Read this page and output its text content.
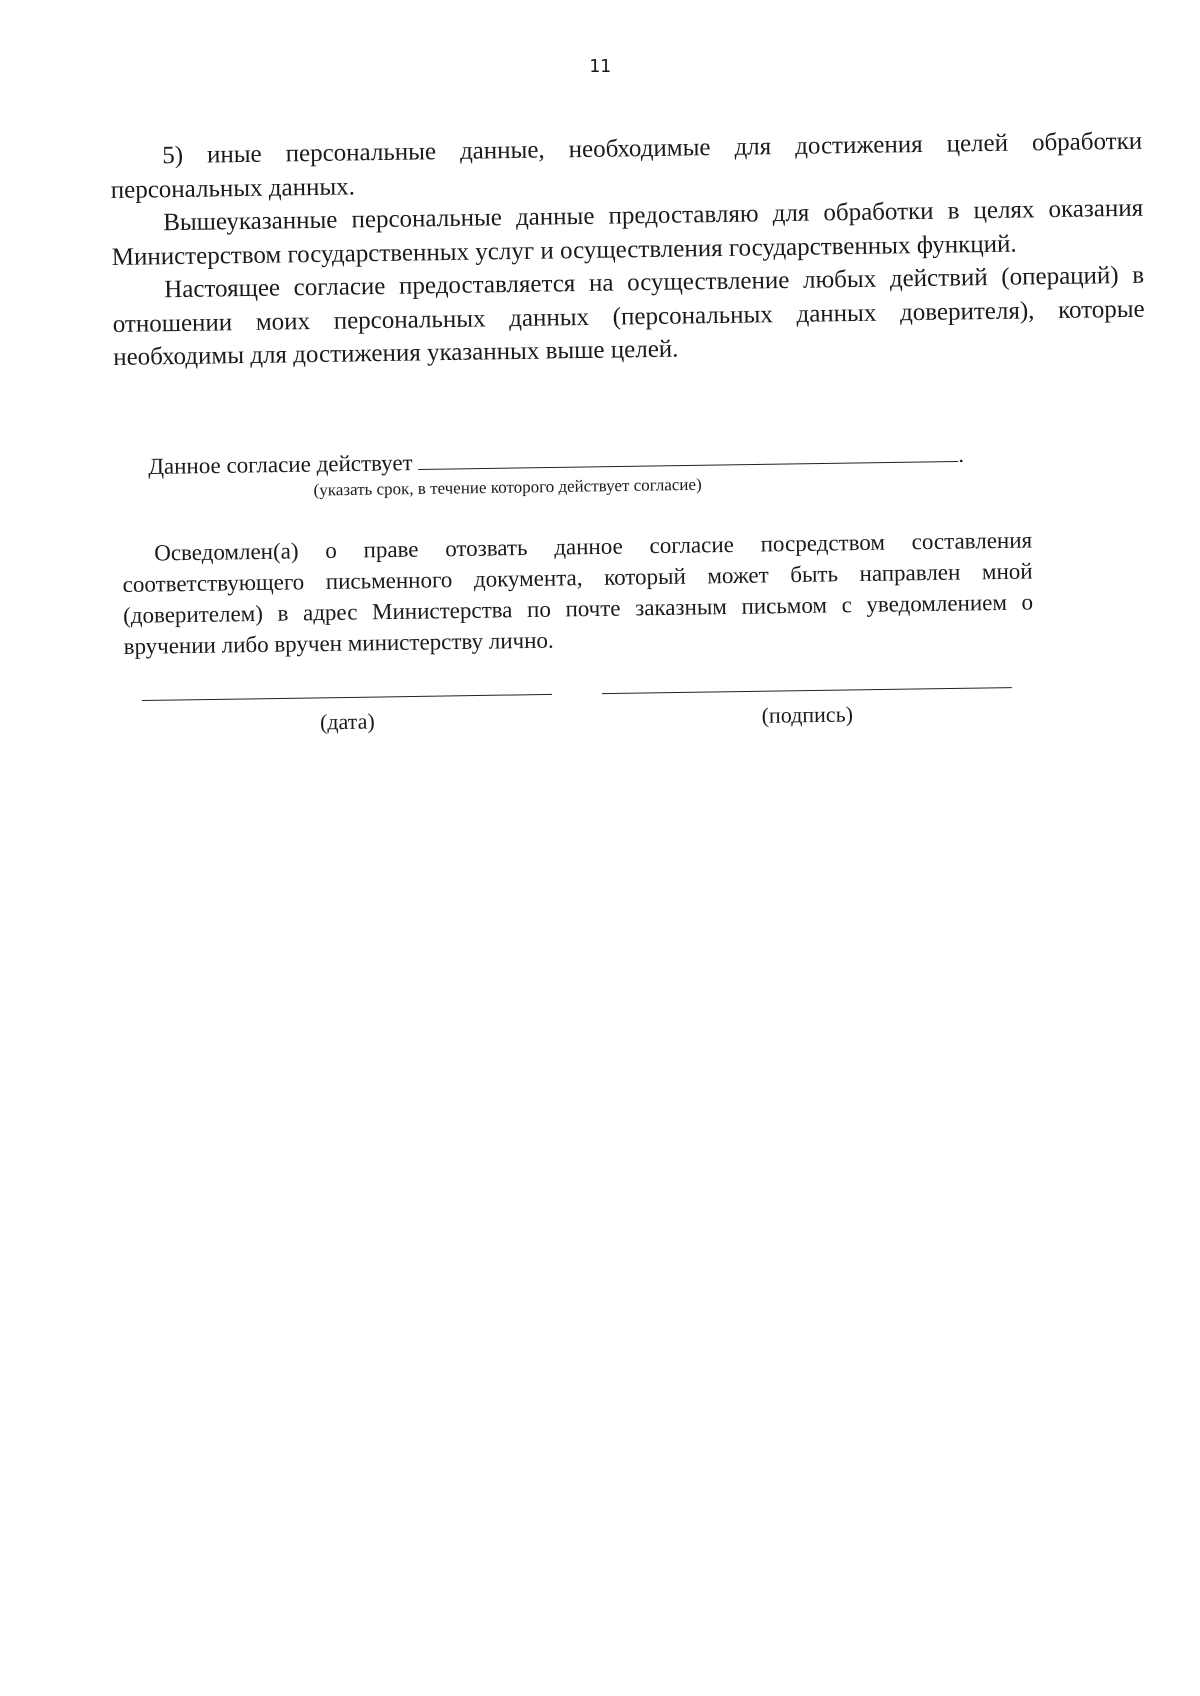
11

5) иные персональные данные, необходимые для достижения целей обработки персональных данных.

Вышеуказанные персональные данные предоставляю для обработки в целях оказания Министерством государственных услуг и осуществления государственных функций.

Настоящее согласие предоставляется на осуществление любых действий (операций) в отношении моих персональных данных (персональных данных доверителя), которые необходимы для достижения указанных выше целей.

Данное согласие действует	.
(указать срок, в течение которого действует согласие)

Осведомлен(а) о праве отозвать данное согласие посредством составления соответствующего письменного документа, который может быть направлен мной (доверителем) в адрес Министерства по почте заказным письмом с уведомлением о вручении либо вручен министерству лично.

(дата)	(подпись)
